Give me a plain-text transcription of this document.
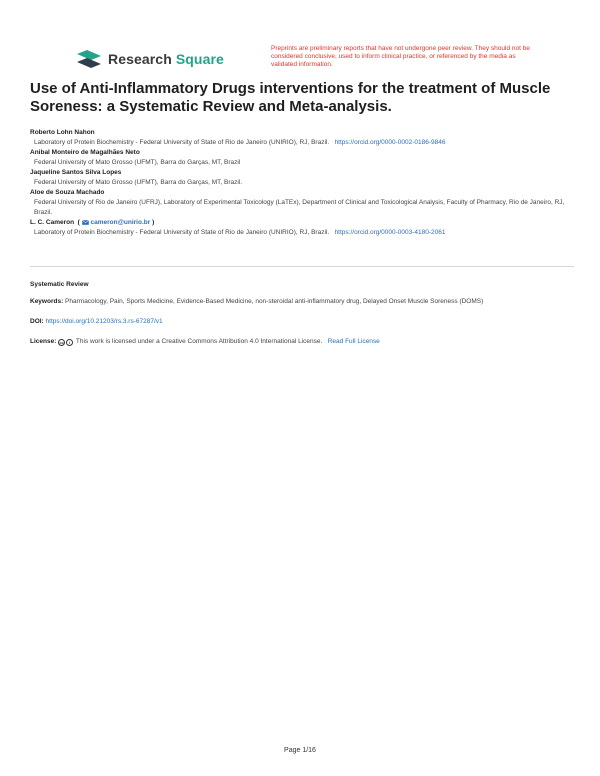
Research Square
Preprints are preliminary reports that have not undergone peer review. They should not be considered conclusive, used to inform clinical practice, or referenced by the media as validated information.
Use of Anti-Inflammatory Drugs interventions for the treatment of Muscle Soreness: a Systematic Review and Meta-analysis.
Roberto Lohn Nahon
Laboratory of Protein Biochemistry - Federal University of State of Rio de Janeiro (UNIRIO), RJ, Brazil. https://orcid.org/0000-0002-0186-9846
Anibal Monteiro de Magalhães Neto
Federal University of Mato Grosso (UFMT), Barra do Garças, MT, Brazil
Jaqueline Santos Silva Lopes
Federal University of Mato Grosso (UFMT), Barra do Garças, MT, Brazil.
Aloe de Souza Machado
Federal University of Rio de Janeiro (UFRJ), Laboratory of Experimental Toxicology (LaTEx), Department of Clinical and Toxicological Analysis, Faculty of Pharmacy, Rio de Janeiro, RJ, Brazil.
L. C. Cameron  (  cameron@unirio.br )
Laboratory of Protein Biochemistry - Federal University of State of Rio de Janeiro (UNIRIO), RJ, Brazil. https://orcid.org/0000-0003-4180-2061
Systematic Review
Keywords: Pharmacology, Pain, Sports Medicine, Evidence-Based Medicine, non-steroidal anti-inflammatory drug, Delayed Onset Muscle Soreness (DOMS)
DOI: https://doi.org/10.21203/rs.3.rs-67287/v1
License: cc i This work is licensed under a Creative Commons Attribution 4.0 International License. Read Full License
Page 1/16
